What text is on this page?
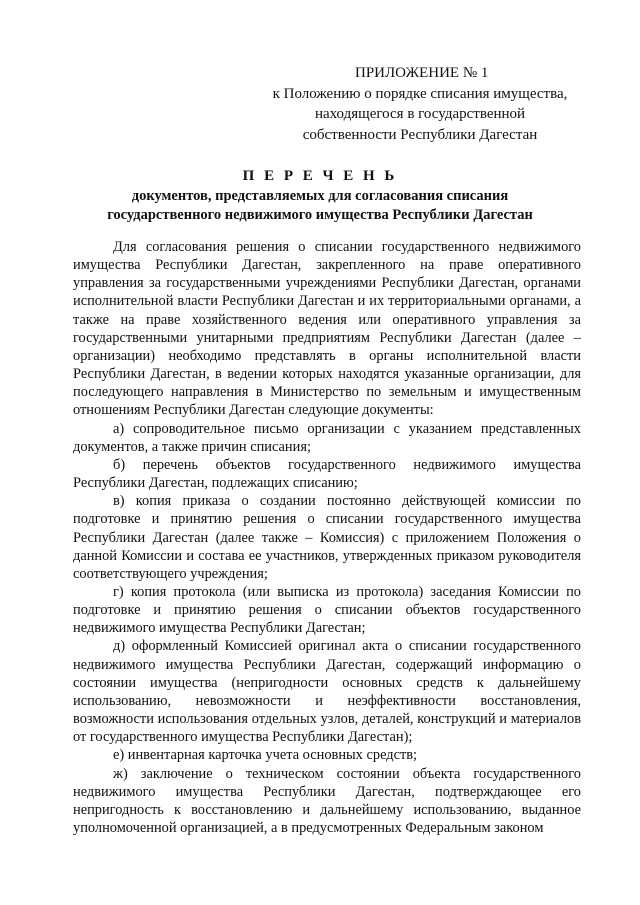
ПРИЛОЖЕНИЕ № 1
к Положению о порядке списания имущества,
находящегося в государственной
собственности Республики Дагестан
П Е Р Е Ч Е Н Ь
документов, представляемых для согласования списания
государственного недвижимого имущества Республики Дагестан

Для согласования решения о списании государственного недвижимого имущества Республики Дагестан, закрепленного на праве оперативного управления за государственными учреждениями Республики Дагестан, органами исполнительной власти Республики Дагестан и их территориальными органами, а также на праве хозяйственного ведения или оперативного управления за государственными унитарными предприятиям Республики Дагестан (далее – организации) необходимо представлять в органы исполнительной власти Республики Дагестан, в ведении которых находятся указанные организации, для последующего направления в Министерство по земельным и имущественным отношениям Республики Дагестан следующие документы:

а) сопроводительное письмо организации с указанием представленных документов, а также причин списания;

б) перечень объектов государственного недвижимого имущества Республики Дагестан, подлежащих списанию;

в) копия приказа о создании постоянно действующей комиссии по подготовке и принятию решения о списании государственного имущества Республики Дагестан (далее также – Комиссия) с приложением Положения о данной Комиссии и состава ее участников, утвержденных приказом руководителя соответствующего учреждения;

г) копия протокола (или выписка из протокола) заседания Комиссии по подготовке и принятию решения о списании объектов государственного недвижимого имущества Республики Дагестан;

д) оформленный Комиссией оригинал акта о списании государственного недвижимого имущества Республики Дагестан, содержащий информацию о состоянии имущества (непригодности основных средств к дальнейшему использованию, невозможности и неэффективности восстановления, возможности использования отдельных узлов, деталей, конструкций и материалов от государственного имущества Республики Дагестан);

е) инвентарная карточка учета основных средств;

ж) заключение о техническом состоянии объекта государственного недвижимого имущества Республики Дагестан, подтверждающее его непригодность к восстановлению и дальнейшему использованию, выданное уполномоченной организацией, а в предусмотренных Федеральным законом
